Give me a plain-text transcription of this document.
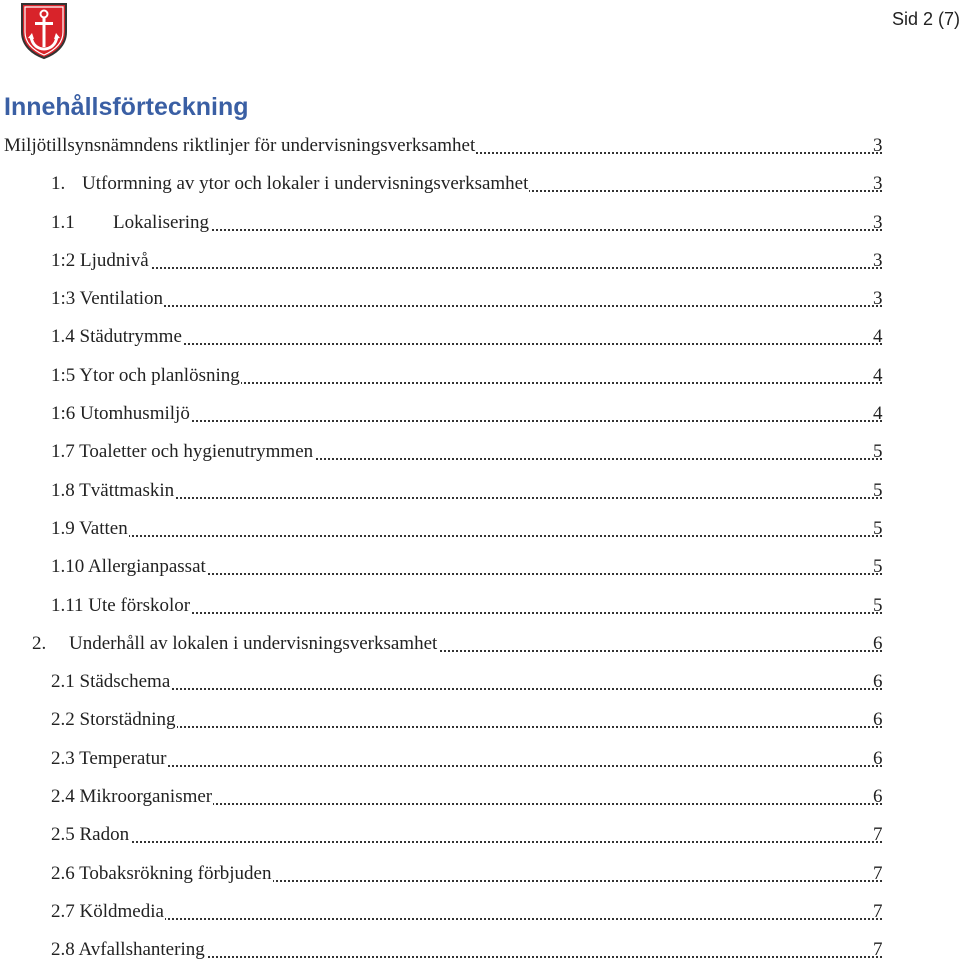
Sid 2 (7)
Innehållsförteckning
Miljötillsynsnämndens riktlinjer för undervisningsverksamhet	3
1. Utformning av ytor och lokaler i undervisningsverksamhet	3
1.1 Lokalisering	3
1:2 Ljudnivå	3
1:3 Ventilation	3
1.4 Städutrymme	4
1:5 Ytor och planlösning	4
1:6 Utomhusmiljö	4
1.7 Toaletter och hygienutrymmen	5
1.8 Tvättmaskin	5
1.9 Vatten	5
1.10 Allergianpassat	5
1.11 Ute förskolor	5
2. Underhåll av lokalen i undervisningsverksamhet	6
2.1 Städschema	6
2.2 Storstädning	6
2.3 Temperatur	6
2.4 Mikroorganismer	6
2.5 Radon	7
2.6 Tobaksrökning förbjuden	7
2.7 Köldmedia	7
2.8 Avfallshantering	7
